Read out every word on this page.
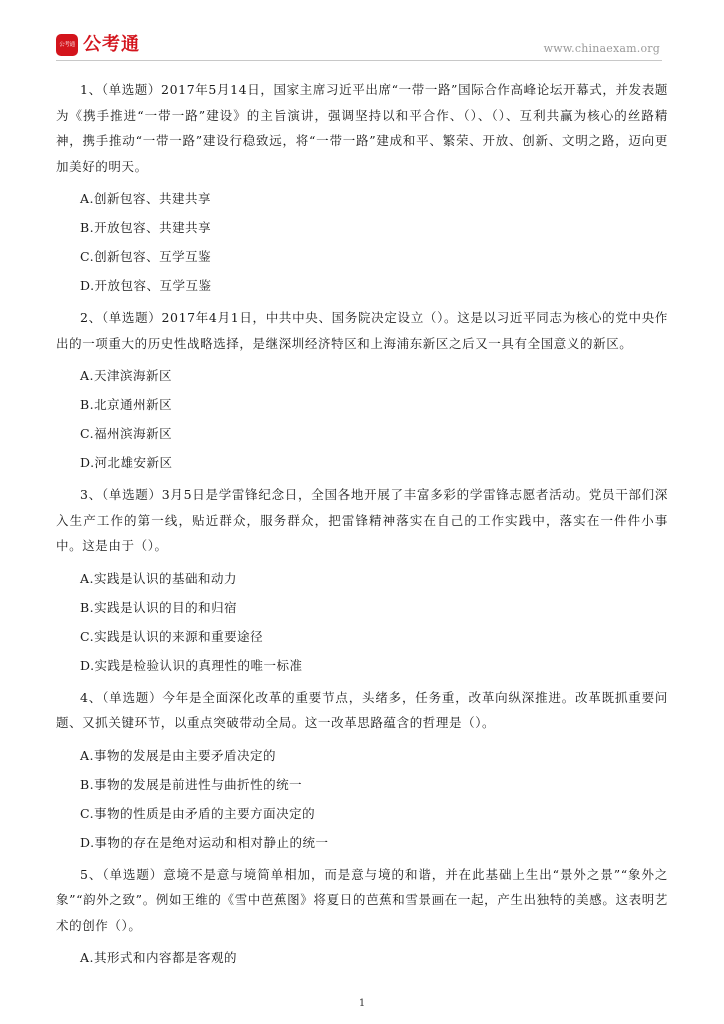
公考通 公考通	www.chinaexam.org

1、（单选题）2017年5月14日，国家主席习近平出席“一带一路”国际合作高峰论坛开幕式，并发表题为《携手推进“一带一路”建设》的主旨演讲，强调坚持以和平合作、（）、（）、互利共赢为核心的丝路精神，携手推动“一带一路”建设行稳致远，将“一带一路”建成和平、繁荣、开放、创新、文明之路，迈向更加美好的明天。

A.创新包容、共建共享

B.开放包容、共建共享

C.创新包容、互学互鉴

D.开放包容、互学互鉴

2、（单选题）2017年4月1日，中共中央、国务院决定设立（）。这是以习近平同志为核心的党中央作出的一项重大的历史性战略选择，是继深圳经济特区和上海浦东新区之后又一具有全国意义的新区。

A.天津滨海新区

B.北京通州新区

C.福州滨海新区

D.河北雄安新区

3、（单选题）3月5日是学雷锋纪念日，全国各地开展了丰富多彩的学雷锋志愿者活动。党员干部们深入生产工作的第一线，贴近群众，服务群众，把雷锋精神落实在自己的工作实践中，落实在一件件小事中。这是由于（）。

A.实践是认识的基础和动力

B.实践是认识的目的和归宿

C.实践是认识的来源和重要途径

D.实践是检验认识的真理性的唯一标准

4、（单选题）今年是全面深化改革的重要节点，头绪多，任务重，改革向纵深推进。改革既抓重要问题、又抓关键环节，以重点突破带动全局。这一改革思路蕴含的哲理是（）。

A.事物的发展是由主要矛盾决定的

B.事物的发展是前进性与曲折性的统一

C.事物的性质是由矛盾的主要方面决定的

D.事物的存在是绝对运动和相对静止的统一

5、（单选题）意境不是意与境简单相加，而是意与境的和谐，并在此基础上生出“景外之景”“象外之象”“韵外之致”。例如王维的《雪中芭蕉图》将夏日的芭蕉和雪景画在一起，产生出独特的美感。这表明艺术的创作（）。

A.其形式和内容都是客观的

1
